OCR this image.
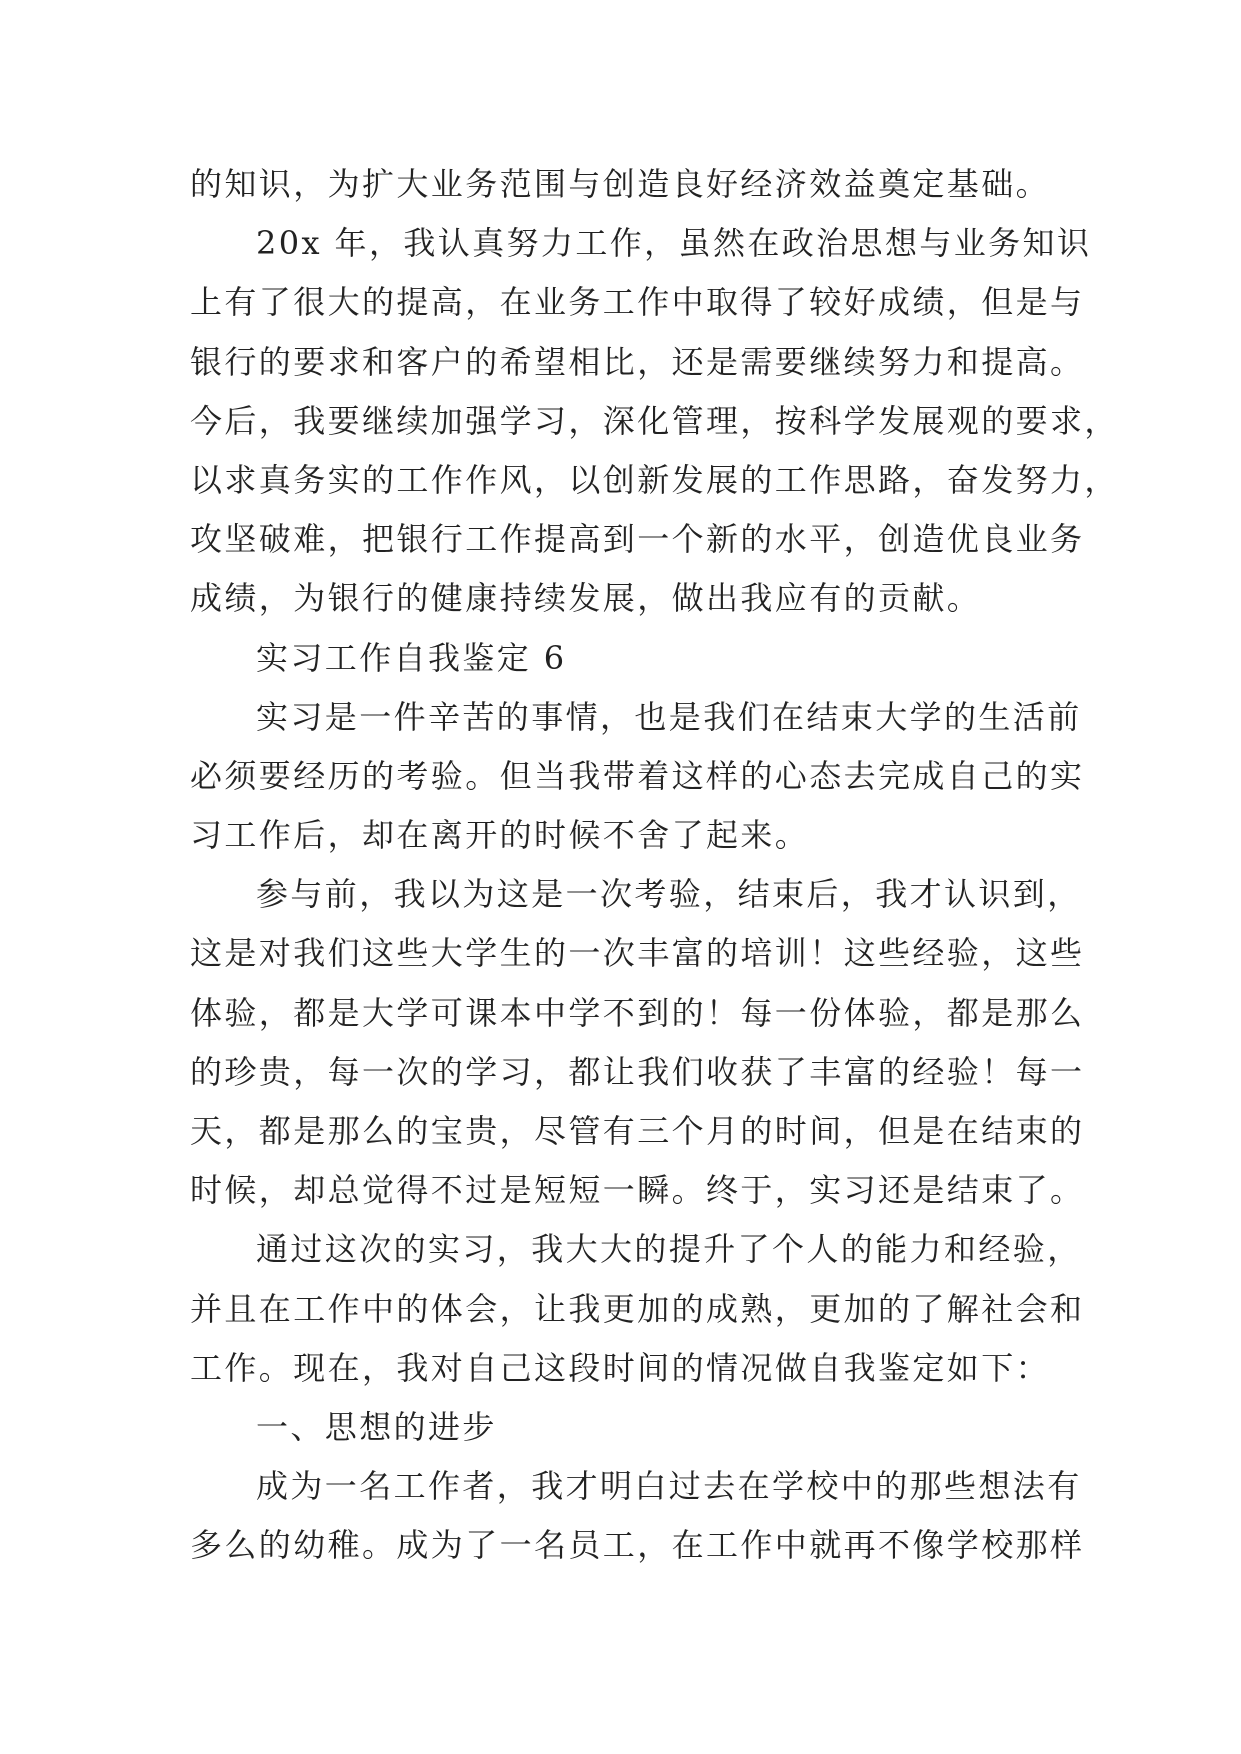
的知识，为扩大业务范围与创造良好经济效益奠定基础。
20x 年，我认真努力工作，虽然在政治思想与业务知识
上有了很大的提高，在业务工作中取得了较好成绩，但是与
银行的要求和客户的希望相比，还是需要继续努力和提高。
今后，我要继续加强学习，深化管理，按科学发展观的要求，
以求真务实的工作作风，以创新发展的工作思路，奋发努力，
攻坚破难，把银行工作提高到一个新的水平，创造优良业务
成绩，为银行的健康持续发展，做出我应有的贡献。
实习工作自我鉴定 6
实习是一件辛苦的事情，也是我们在结束大学的生活前
必须要经历的考验。但当我带着这样的心态去完成自己的实
习工作后，却在离开的时候不舍了起来。
参与前，我以为这是一次考验，结束后，我才认识到，
这是对我们这些大学生的一次丰富的培训！这些经验，这些
体验，都是大学可课本中学不到的！每一份体验，都是那么
的珍贵，每一次的学习，都让我们收获了丰富的经验！每一
天，都是那么的宝贵，尽管有三个月的时间，但是在结束的
时候，却总觉得不过是短短一瞬。终于，实习还是结束了。
通过这次的实习，我大大的提升了个人的能力和经验，
并且在工作中的体会，让我更加的成熟，更加的了解社会和
工作。现在，我对自己这段时间的情况做自我鉴定如下：
一、思想的进步
成为一名工作者，我才明白过去在学校中的那些想法有
多么的幼稚。成为了一名员工，在工作中就再不像学校那样
